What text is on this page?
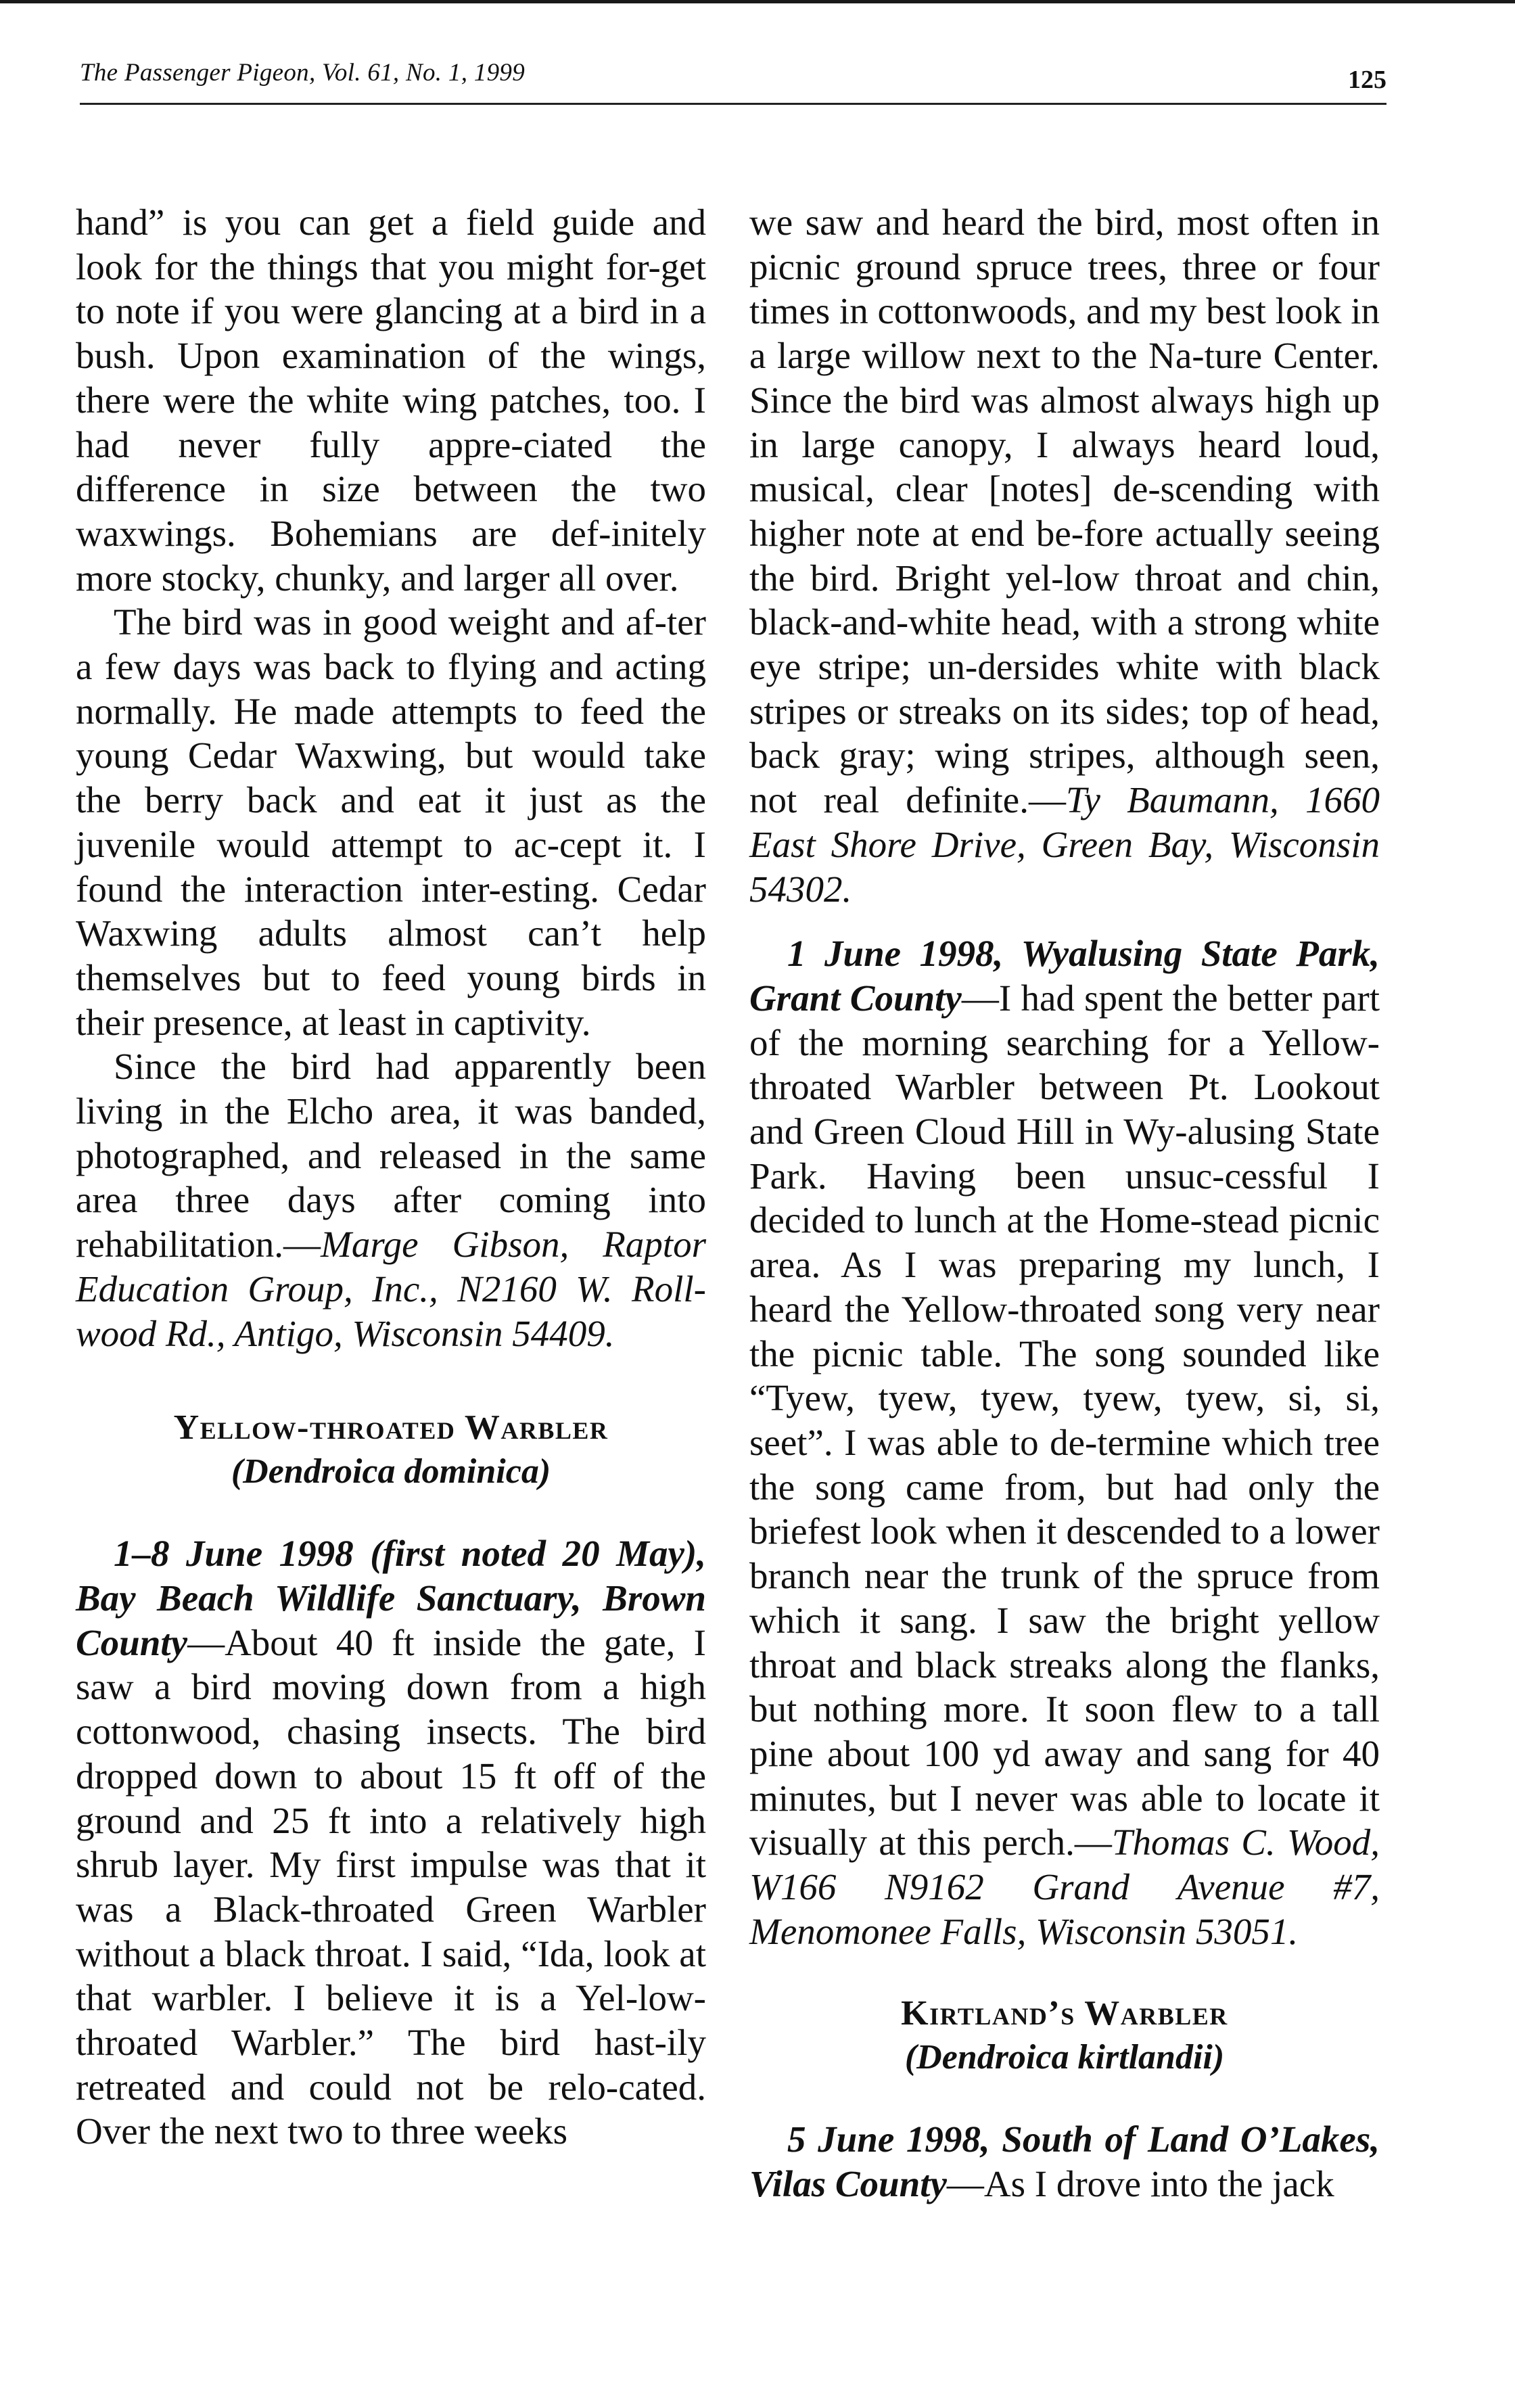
The Passenger Pigeon, Vol. 61, No. 1, 1999	125

hand” is you can get a field guide and look for the things that you might for-get to note if you were glancing at a bird in a bush. Upon examination of the wings, there were the white wing patches, too. I had never fully appre-ciated the difference in size between the two waxwings. Bohemians are def-initely more stocky, chunky, and larger all over.

The bird was in good weight and af-ter a few days was back to flying and acting normally. He made attempts to feed the young Cedar Waxwing, but would take the berry back and eat it just as the juvenile would attempt to ac-cept it. I found the interaction inter-esting. Cedar Waxwing adults almost can’t help themselves but to feed young birds in their presence, at least in captivity.

Since the bird had apparently been living in the Elcho area, it was banded, photographed, and released in the same area three days after coming into rehabilitation.—Marge Gibson, Raptor Education Group, Inc., N2160 W. Roll-wood Rd., Antigo, Wisconsin 54409.

Yellow-throated Warbler
(Dendroica dominica)

1–8 June 1998 (first noted 20 May), Bay Beach Wildlife Sanctuary, Brown County—About 40 ft inside the gate, I saw a bird moving down from a high cottonwood, chasing insects. The bird dropped down to about 15 ft off of the ground and 25 ft into a relatively high shrub layer. My first impulse was that it was a Black-throated Green Warbler without a black throat. I said, “Ida, look at that warbler. I believe it is a Yel-low-throated Warbler.” The bird hast-ily retreated and could not be relo-cated. Over the next two to three weeks

we saw and heard the bird, most often in picnic ground spruce trees, three or four times in cottonwoods, and my best look in a large willow next to the Na-ture Center. Since the bird was almost always high up in large canopy, I always heard loud, musical, clear [notes] de-scending with higher note at end be-fore actually seeing the bird. Bright yel-low throat and chin, black-and-white head, with a strong white eye stripe; un-dersides white with black stripes or streaks on its sides; top of head, back gray; wing stripes, although seen, not real definite.—Ty Baumann, 1660 East Shore Drive, Green Bay, Wisconsin 54302.

1 June 1998, Wyalusing State Park, Grant County—I had spent the better part of the morning searching for a Yellow-throated Warbler between Pt. Lookout and Green Cloud Hill in Wy-alusing State Park. Having been unsuc-cessful I decided to lunch at the Home-stead picnic area. As I was preparing my lunch, I heard the Yellow-throated song very near the picnic table. The song sounded like “Tyew, tyew, tyew, tyew, tyew, si, si, seet”. I was able to de-termine which tree the song came from, but had only the briefest look when it descended to a lower branch near the trunk of the spruce from which it sang. I saw the bright yellow throat and black streaks along the flanks, but nothing more. It soon flew to a tall pine about 100 yd away and sang for 40 minutes, but I never was able to locate it visually at this perch.—Thomas C. Wood, W166 N9162 Grand Avenue #7, Menomonee Falls, Wisconsin 53051.

Kirtland’s Warbler
(Dendroica kirtlandii)

5 June 1998, South of Land O’Lakes, Vilas County—As I drove into the jack
